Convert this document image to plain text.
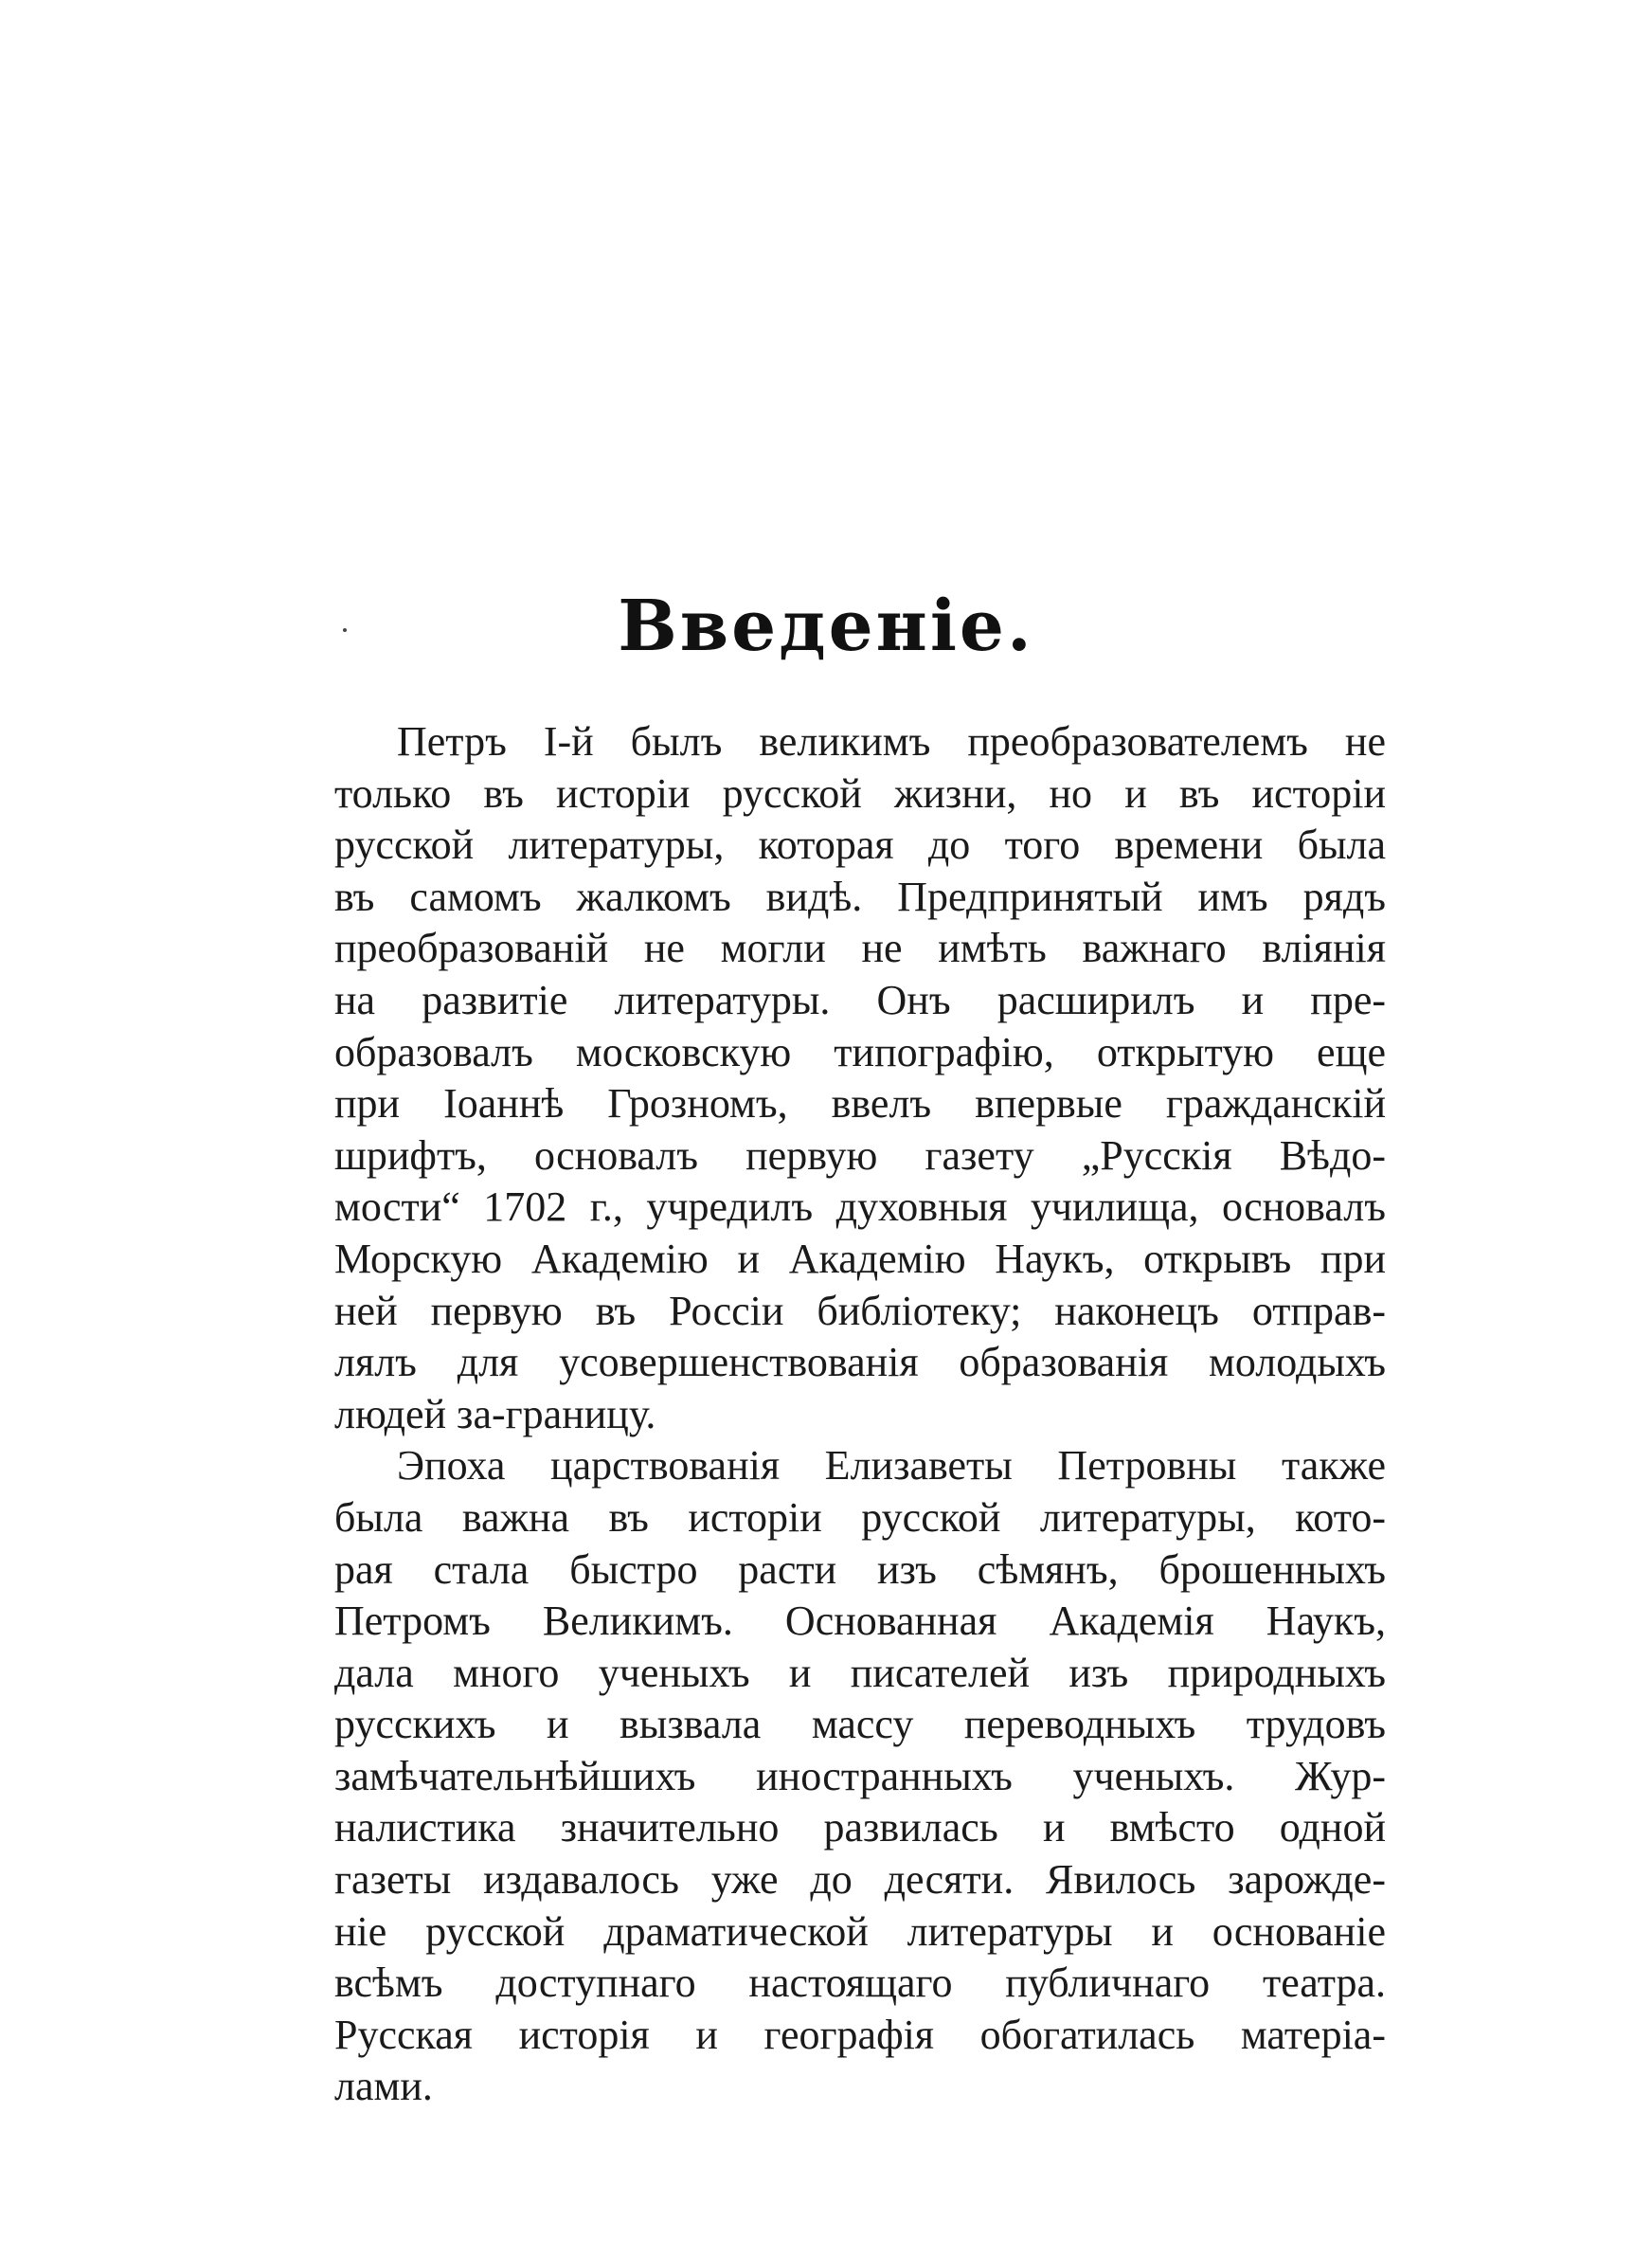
Введеніе.
Петръ І-й былъ великимъ преобразователемъ не
только въ исторіи русской жизни, но и въ исторіи
русской литературы, которая до того времени была
въ самомъ жалкомъ видѣ. Предпринятый имъ рядъ
преобразованій не могли не имѣть важнаго вліянія
на развитіе литературы. Онъ расширилъ и пре-
образовалъ московскую типографію, открытую еще
при Іоаннѣ Грозномъ, ввелъ впервые гражданскій
шрифтъ, основалъ первую газету „Русскія Вѣдо-
мости“ 1702 г., учредилъ духовныя училища, основалъ
Морскую Академію и Академію Наукъ, открывъ при
ней первую въ Россіи библіотеку; наконецъ отправ-
лялъ для усовершенствованія образованія молодыхъ
людей за-границу.
Эпоха царствованія Елизаветы Петровны также
была важна въ исторіи русской литературы, кото-
рая стала быстро расти изъ сѣмянъ, брошенныхъ
Петромъ Великимъ. Основанная Академія Наукъ,
дала много ученыхъ и писателей изъ природныхъ
русскихъ и вызвала массу переводныхъ трудовъ
замѣчательнѣйшихъ иностранныхъ ученыхъ. Жур-
налистика значительно развилась и вмѣсто одной
газеты издавалось уже до десяти. Явилось зарожде-
ніе русской драматической литературы и основаніе
всѣмъ доступнаго настоящаго публичнаго театра.
Русская исторія и географія обогатилась матеріа-
лами.
